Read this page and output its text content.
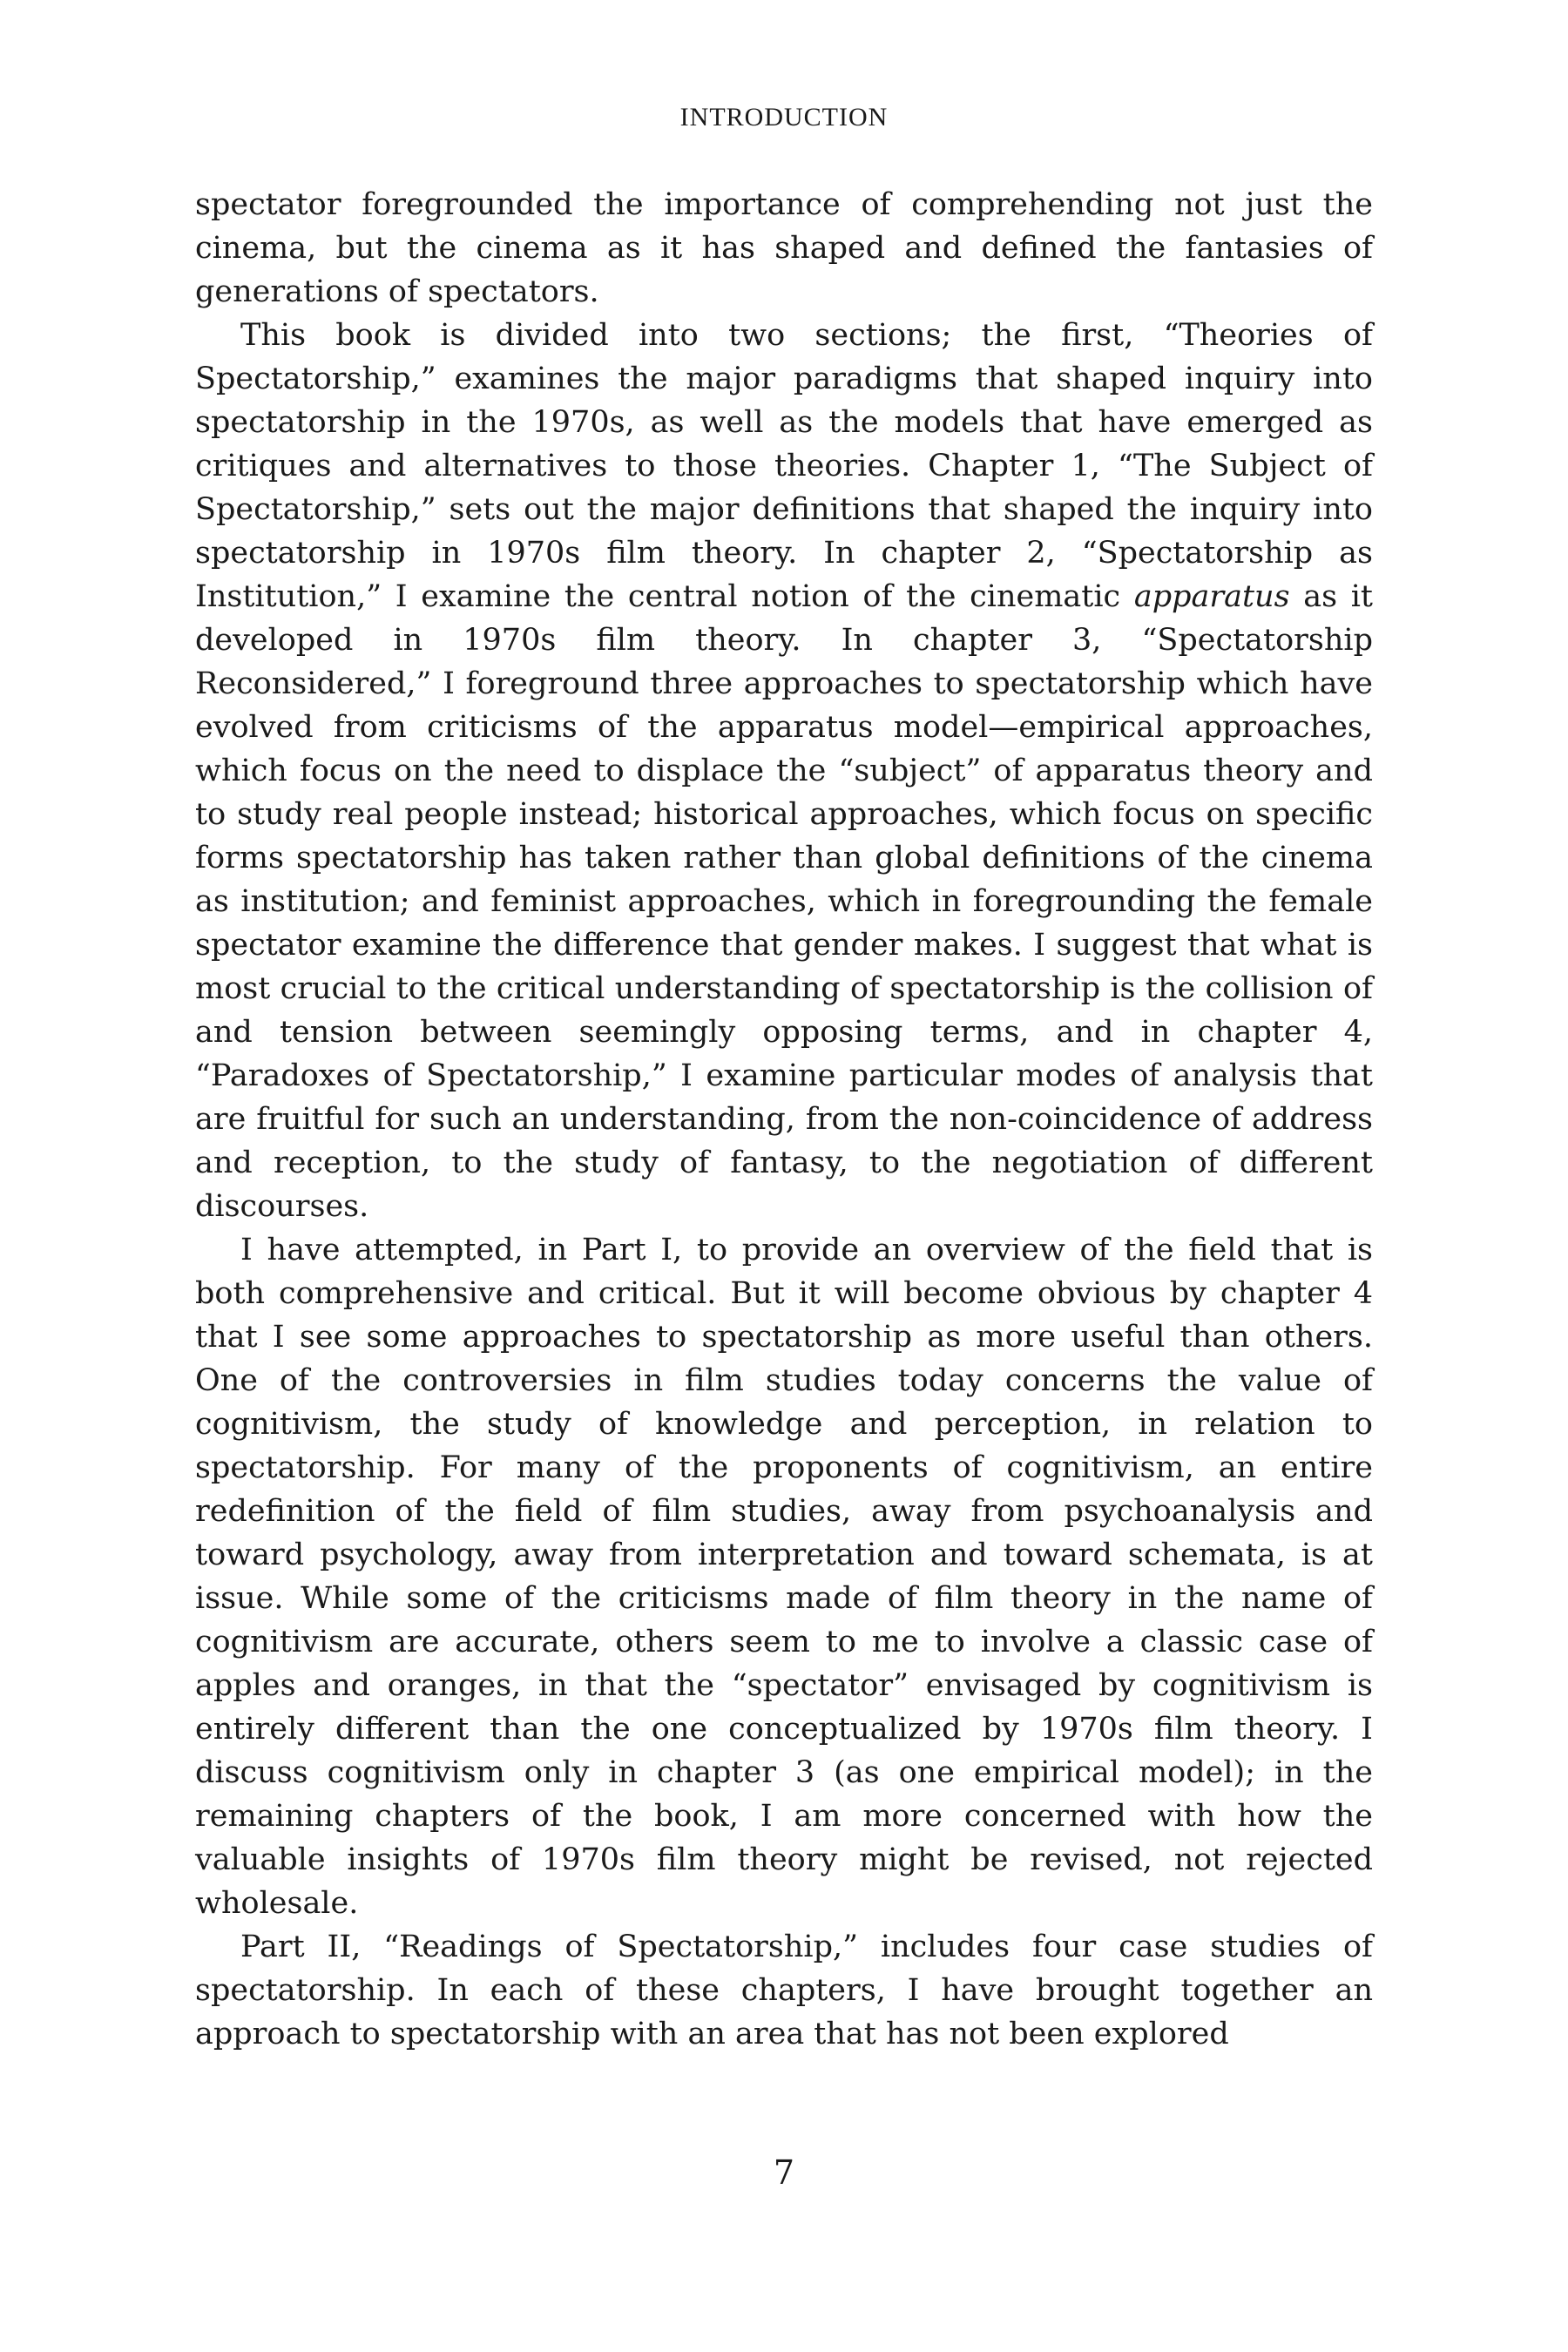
INTRODUCTION

spectator foregrounded the importance of comprehending not just the cinema, but the cinema as it has shaped and defined the fantasies of generations of spectators.

This book is divided into two sections; the first, “Theories of Spectatorship,” examines the major paradigms that shaped inquiry into spectatorship in the 1970s, as well as the models that have emerged as critiques and alternatives to those theories. Chapter 1, “The Subject of Spectatorship,” sets out the major definitions that shaped the inquiry into spectatorship in 1970s film theory. In chapter 2, “Spectatorship as Institution,” I examine the central notion of the cinematic apparatus as it developed in 1970s film theory. In chapter 3, “Spectatorship Reconsidered,” I foreground three approaches to spectatorship which have evolved from criticisms of the apparatus model—empirical approaches, which focus on the need to displace the “subject” of apparatus theory and to study real people instead; historical approaches, which focus on specific forms spectatorship has taken rather than global definitions of the cinema as institution; and feminist approaches, which in foregrounding the female spectator examine the difference that gender makes. I suggest that what is most crucial to the critical understanding of spectatorship is the collision of and tension between seemingly opposing terms, and in chapter 4, “Paradoxes of Spectatorship,” I examine particular modes of analysis that are fruitful for such an understanding, from the non-coincidence of address and reception, to the study of fantasy, to the negotiation of different discourses.

I have attempted, in Part I, to provide an overview of the field that is both comprehensive and critical. But it will become obvious by chapter 4 that I see some approaches to spectatorship as more useful than others. One of the controversies in film studies today concerns the value of cognitivism, the study of knowledge and perception, in relation to spectatorship. For many of the proponents of cognitivism, an entire redefinition of the field of film studies, away from psychoanalysis and toward psychology, away from interpretation and toward schemata, is at issue. While some of the criticisms made of film theory in the name of cognitivism are accurate, others seem to me to involve a classic case of apples and oranges, in that the “spectator” envisaged by cognitivism is entirely different than the one conceptualized by 1970s film theory. I discuss cognitivism only in chapter 3 (as one empirical model); in the remaining chapters of the book, I am more concerned with how the valuable insights of 1970s film theory might be revised, not rejected wholesale.

Part II, “Readings of Spectatorship,” includes four case studies of spectatorship. In each of these chapters, I have brought together an approach to spectatorship with an area that has not been explored

7
